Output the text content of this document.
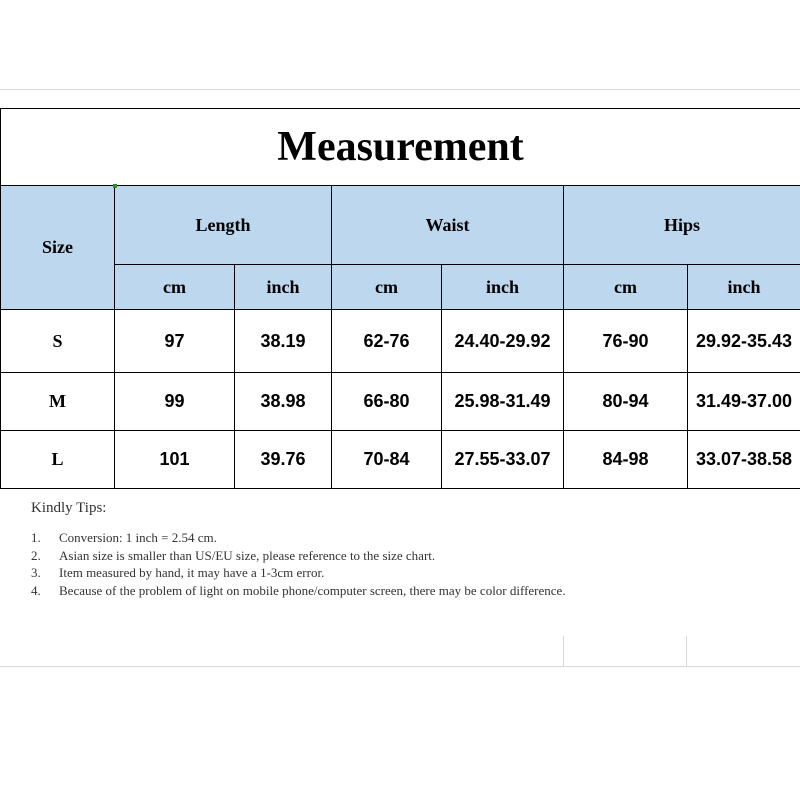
Measurement						
Size	Length		Waist		Hips	
	cm	inch	cm	inch	cm	inch
S	97	38.19	62-76	24.40-29.92	76-90	29.92-35.43
M	99	38.98	66-80	25.98-31.49	80-94	31.49-37.00
L	101	39.76	70-84	27.55-33.07	84-98	33.07-38.58

Kindly Tips:

1. Conversion: 1 inch = 2.54 cm.
2. Asian size is smaller than US/EU size, please reference to the size chart.
3. Item measured by hand, it may have a 1-3cm error.
4. Because of the problem of light on mobile phone/computer screen, there may be color difference.
